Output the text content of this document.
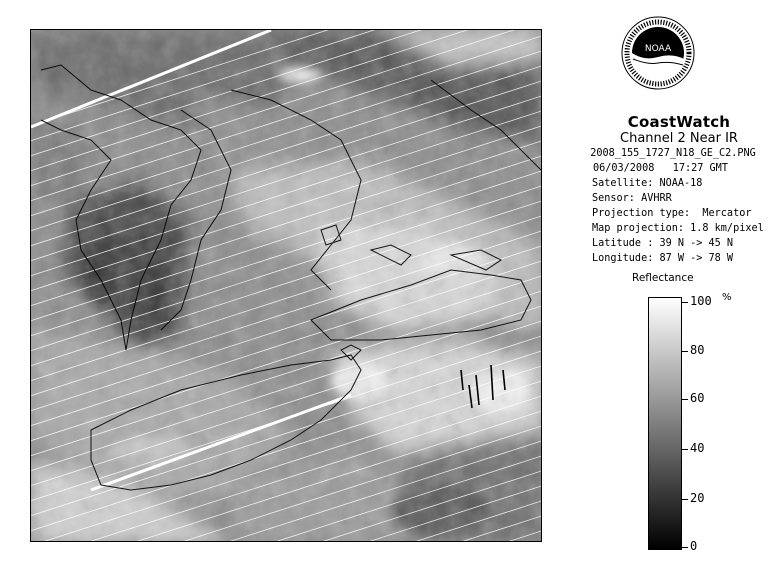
NOAA
CoastWatch
Channel 2 Near IR
2008_155_1727_N18_GE_C2.PNG
06/03/2008 17:27 GMT
Satellite: NOAA-18
Sensor: AVHRR
Projection type:  Mercator
Map projection: 1.8 km/pixel
Latitude : 39 N -> 45 N
Longitude: 87 W -> 78 W
Reflectance
%
100
80
60
40
20
0
